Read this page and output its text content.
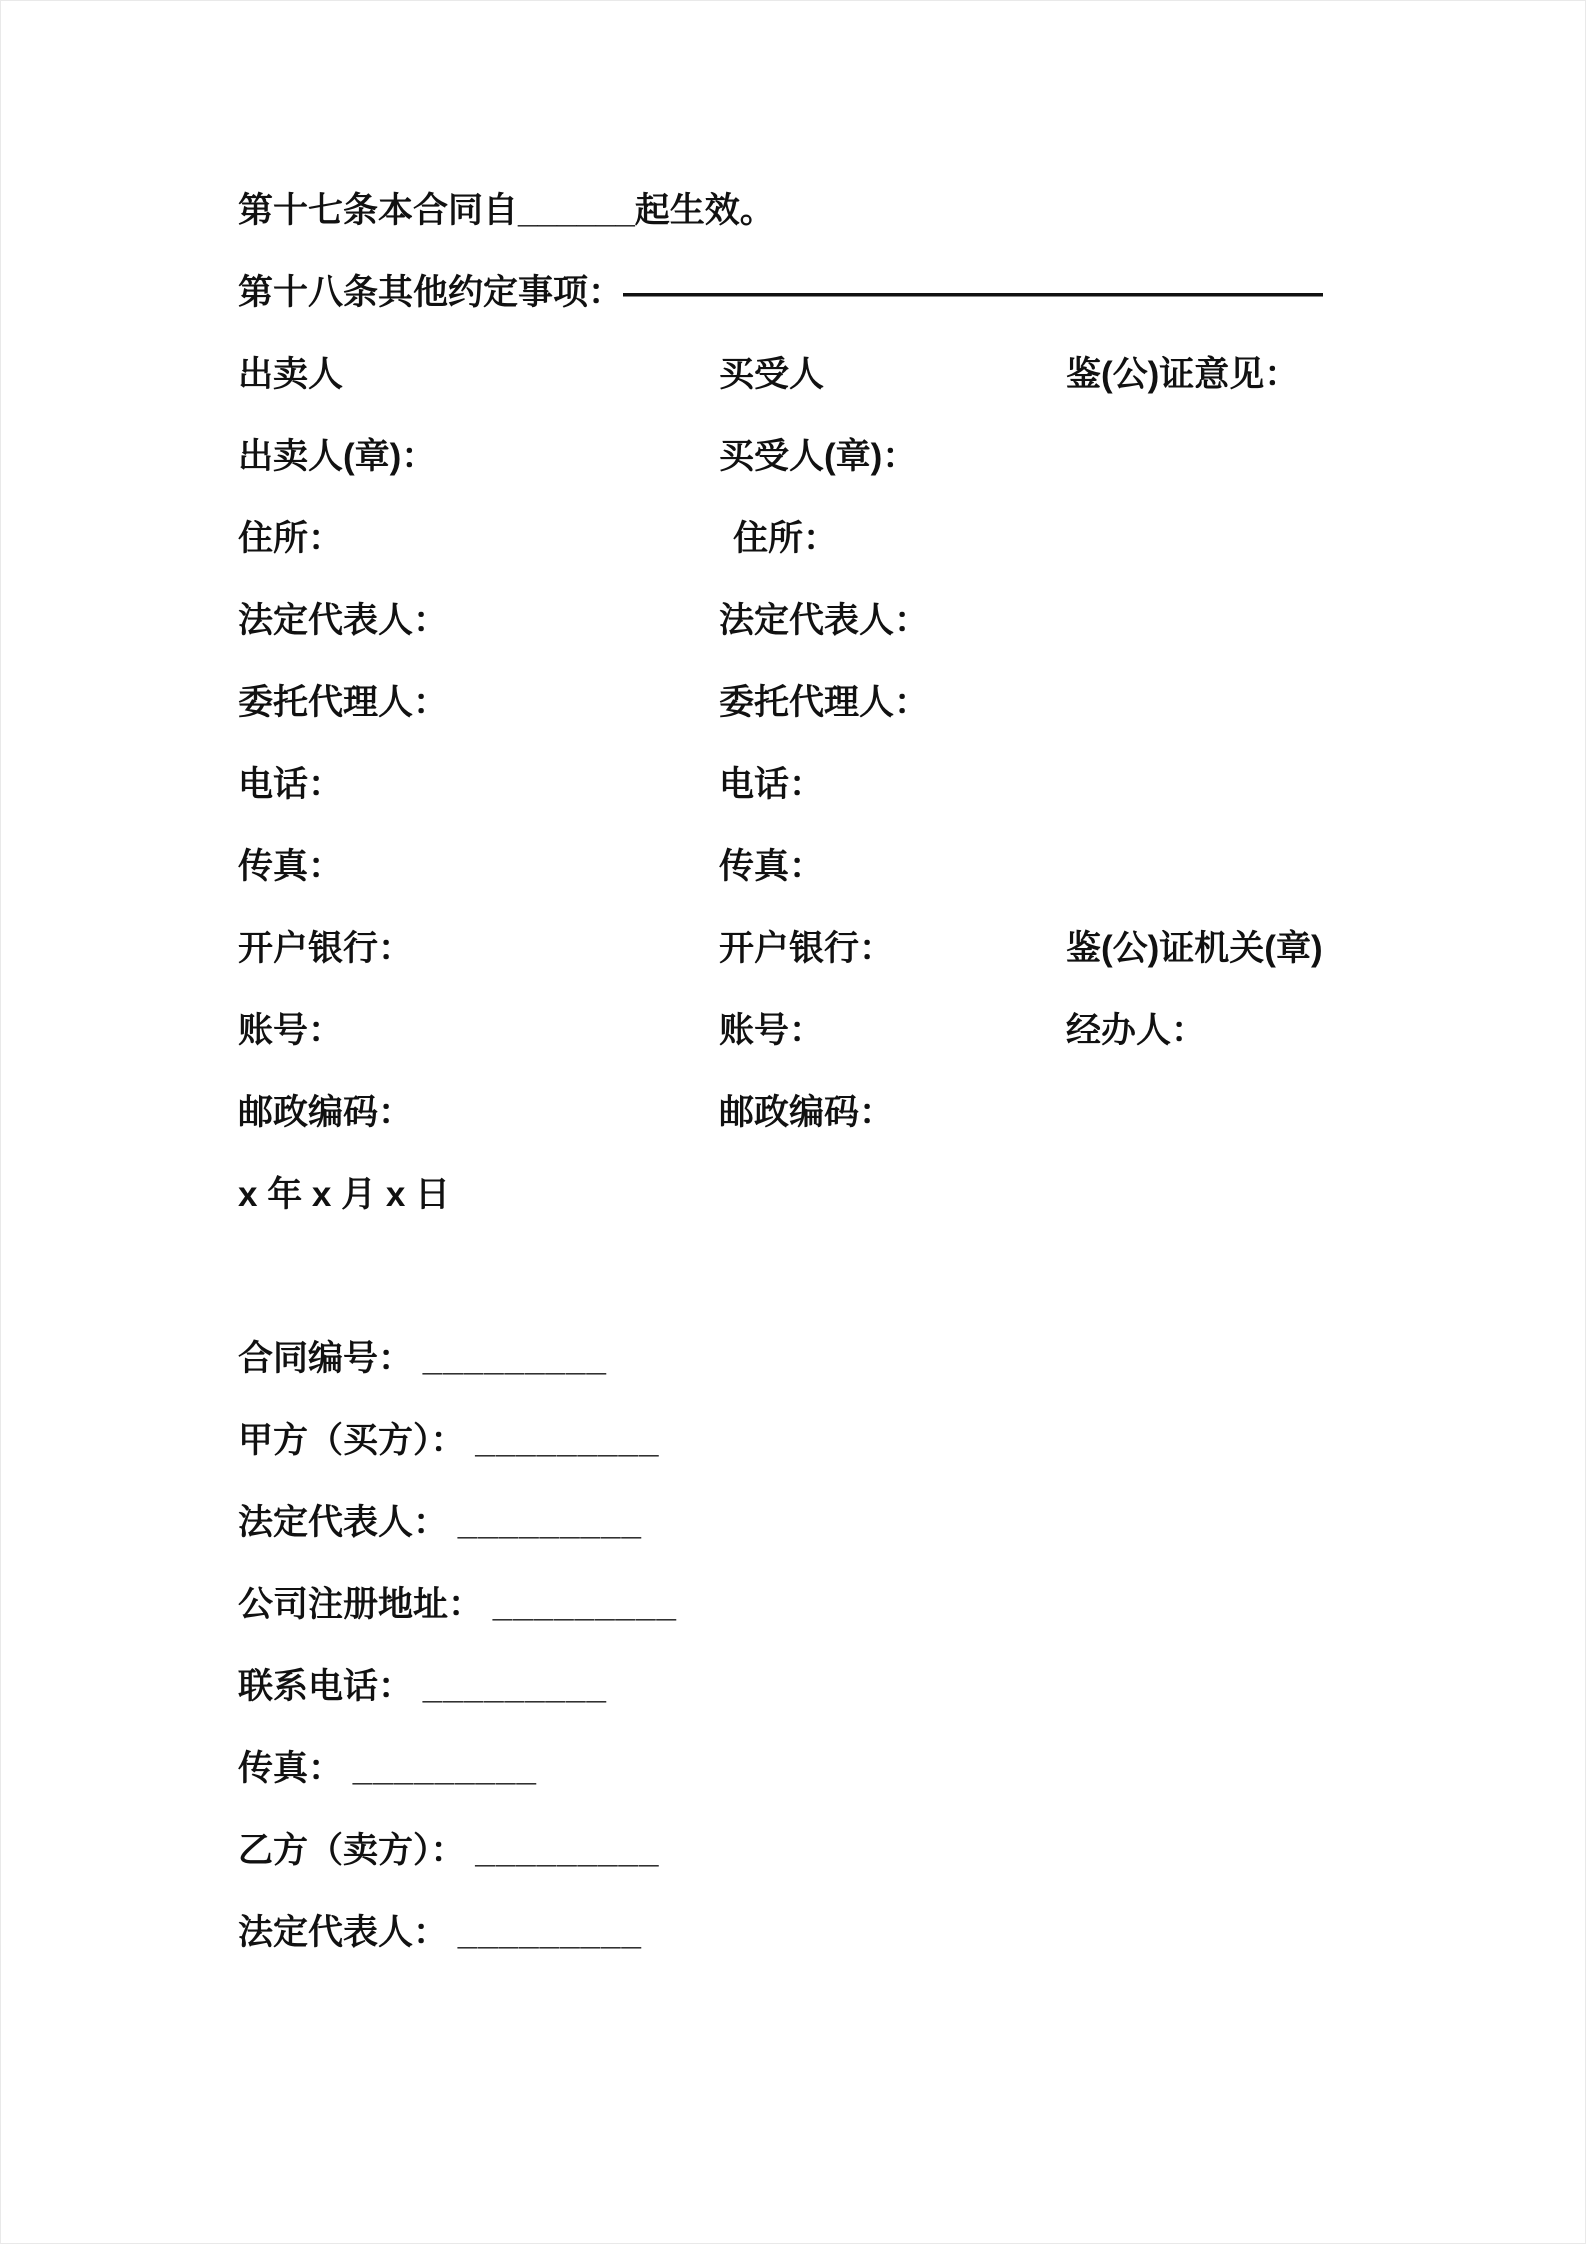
第十七条本合同自______起生效。
第十八条其他约定事项：————————————————————
出卖人	买受人	鉴(公)证意见：
出卖人(章)：	买受人(章)：
住所：	住所：
法定代表人：	法定代表人：
委托代理人：	委托代理人：
电话：	电话：
传真：	传真：
开户银行：	开户银行：	鉴(公)证机关(章)
账号：	账号：	经办人：
邮政编码：	邮政编码：
x 年 x 月 x 日
合同编号： _________
甲方（买方）： _________
法定代表人： _________
公司注册地址： _________
联系电话： _________
传真： _________
乙方（卖方）： _________
法定代表人： _________
